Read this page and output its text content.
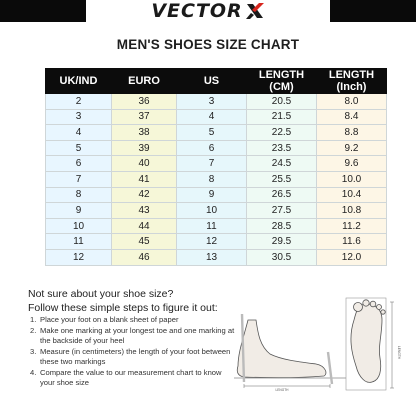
VECTOR
MEN'S SHOES SIZE CHART
UK/IND	EURO	US	LENGTH (CM)	LENGTH (Inch)
2	36	3	20.5	8.0
3	37	4	21.5	8.4
4	38	5	22.5	8.8
5	39	6	23.5	9.2
6	40	7	24.5	9.6
7	41	8	25.5	10.0
8	42	9	26.5	10.4
9	43	10	27.5	10.8
10	44	11	28.5	11.2
11	45	12	29.5	11.6
12	46	13	30.5	12.0
Not sure about your shoe size?
Follow these simple steps to figure it out:
1. Place your foot on a blank sheet of paper
2. Make one marking at your longest toe and one marking at the backside of your heel
3. Measure (in centimeters) the length of your foot between these two markings
4. Compare the value to our measurement chart to know your shoe size
LENGTH
LENGTH
